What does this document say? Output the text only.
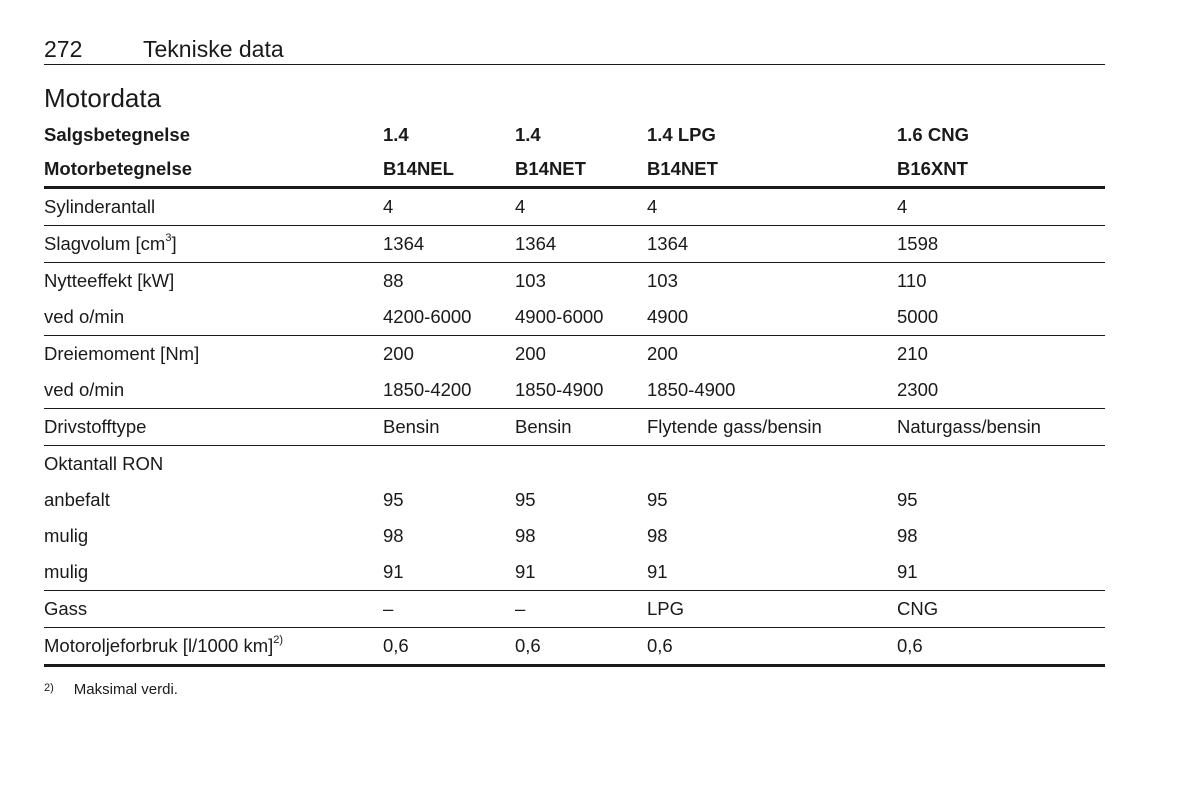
272	Tekniske data
Motordata
Salgsbetegnelse	1.4	1.4	1.4 LPG	1.6 CNG
Motorbetegnelse	B14NEL	B14NET	B14NET	B16XNT
Sylinderantall	4	4	4	4
Slagvolum $[cm^3]$	1364	1364	1364	1598
Nytteeffekt [kW]	88	103	103	110
ved o/min	4200-6000	4900-6000	4900	5000
Dreiemoment [Nm]	200	200	200	210
ved o/min	1850-4200	1850-4900	1850-4900	2300
Drivstofftype	Bensin	Bensin	Flytende gass/bensin	Naturgass/bensin
Oktantall RON				
anbefalt	95	95	95	95
mulig	98	98	98	98
mulig	91	91	91	91
Gass	–	–	LPG	CNG
Motoroljeforbruk [l/1000 km]$^{2)}$	0,6	0,6	0,6	0,6
$^{2)}$ Maksimal verdi.
